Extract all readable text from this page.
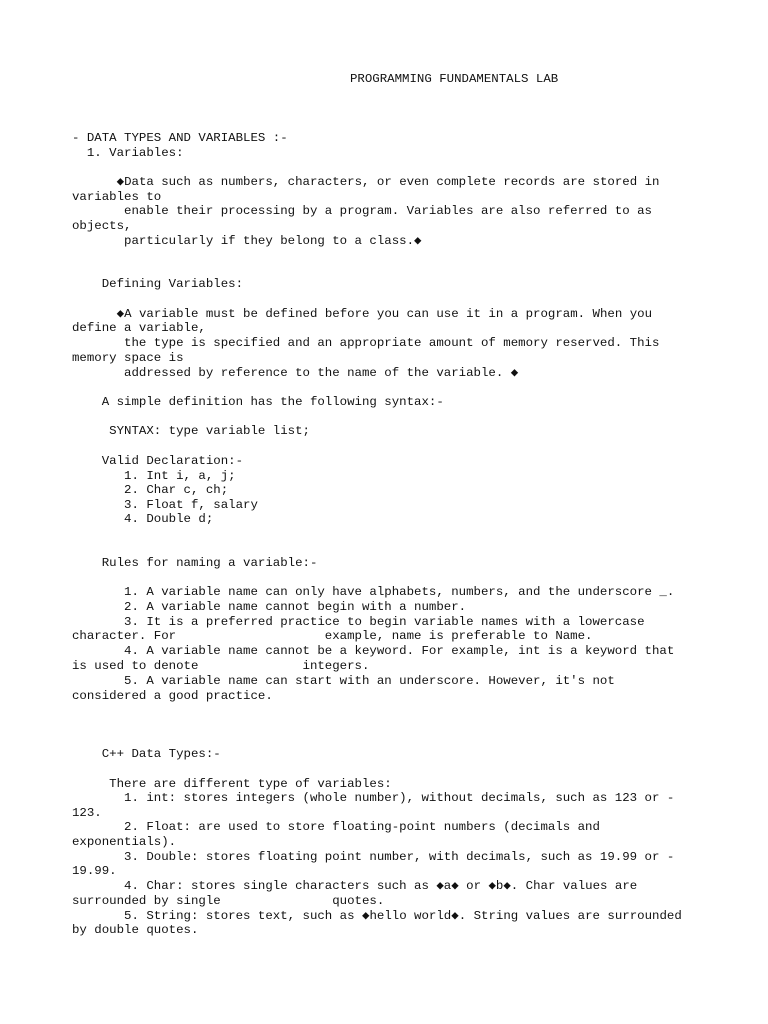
PROGRAMMING FUNDAMENTALS LAB
- DATA TYPES AND VARIABLES :-
1. Variables:
◆Data such as numbers, characters, or even complete records are stored in
variables to
enable their processing by a program. Variables are also referred to as
objects,
particularly if they belong to a class.◆
Defining Variables:
◆A variable must be defined before you can use it in a program. When you
define a variable,
the type is specified and an appropriate amount of memory reserved. This
memory space is
addressed by reference to the name of the variable. ◆
A simple definition has the following syntax:-
SYNTAX: type variable list;
Valid Declaration:-
1. Int i, a, j;
2. Char c, ch;
3. Float f, salary
4. Double d;
Rules for naming a variable:-
1. A variable name can only have alphabets, numbers, and the underscore _.
2. A variable name cannot begin with a number.
3. It is a preferred practice to begin variable names with a lowercase
character. For                    example, name is preferable to Name.
4. A variable name cannot be a keyword. For example, int is a keyword that
is used to denote              integers.
5. A variable name can start with an underscore. However, it's not
considered a good practice.
C++ Data Types:-
There are different type of variables:
1. int: stores integers (whole number), without decimals, such as 123 or -
123.
2. Float: are used to store floating-point numbers (decimals and
exponentials).
3. Double: stores floating point number, with decimals, such as 19.99 or -
19.99.
4. Char: stores single characters such as ◆a◆ or ◆b◆. Char values are
surrounded by single               quotes.
5. String: stores text, such as ◆hello world◆. String values are surrounded
by double quotes.
